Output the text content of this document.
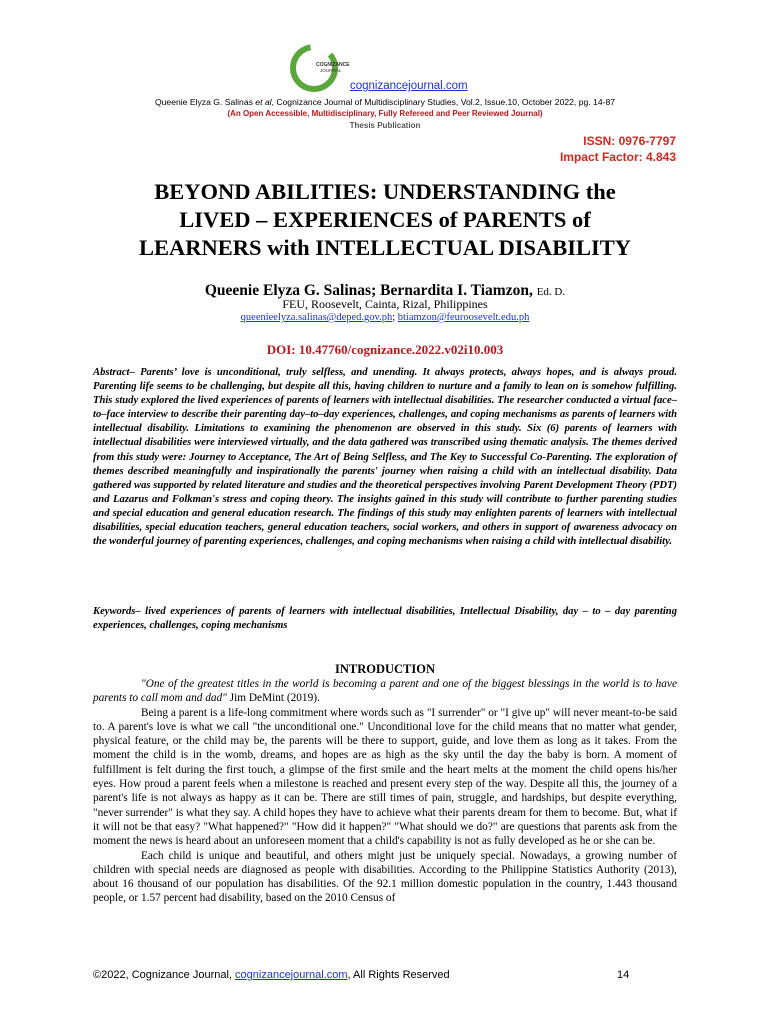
COGNIZANCE
JOURNAL
cognizancejournal.com
Queenie Elyza G. Salinas et al, Cognizance Journal of Multidisciplinary Studies, Vol.2, Issue.10, October 2022, pg. 14-87
(An Open Accessible, Multidisciplinary, Fully Refereed and Peer Reviewed Journal)
Thesis Publication
ISSN: 0976-7797
Impact Factor: 4.843
BEYOND ABILITIES: UNDERSTANDING the
LIVED – EXPERIENCES of PARENTS of
LEARNERS with INTELLECTUAL DISABILITY
Queenie Elyza G. Salinas; Bernardita I. Tiamzon, Ed. D.
FEU, Roosevelt, Cainta, Rizal, Philippines
queenieelyza.salinas@deped.gov.ph; btiamzon@feuroosevelt.edu.ph
DOI: 10.47760/cognizance.2022.v02i10.003

Abstract– Parents’ love is unconditional, truly selfless, and unending. It always protects, always hopes, and is always proud. Parenting life seems to be challenging, but despite all this, having children to nurture and a family to lean on is somehow fulfilling. This study explored the lived experiences of parents of learners with intellectual disabilities. The researcher conducted a virtual face–to–face interview to describe their parenting day–to–day experiences, challenges, and coping mechanisms as parents of learners with intellectual disability. Limitations to examining the phenomenon are observed in this study. Six (6) parents of learners with intellectual disabilities were interviewed virtually, and the data gathered was transcribed using thematic analysis. The themes derived from this study were: Journey to Acceptance, The Art of Being Selfless, and The Key to Successful Co-Parenting. The exploration of themes described meaningfully and inspirationally the parents' journey when raising a child with an intellectual disability. Data gathered was supported by related literature and studies and the theoretical perspectives involving Parent Development Theory (PDT) and Lazarus and Folkman's stress and coping theory. The insights gained in this study will contribute to further parenting studies and special education and general education research. The findings of this study may enlighten parents of learners with intellectual disabilities, special education teachers, general education teachers, social workers, and others in support of awareness advocacy on the wonderful journey of parenting experiences, challenges, and coping mechanisms when raising a child with intellectual disability.

Keywords– lived experiences of parents of learners with intellectual disabilities, Intellectual Disability, day – to – day parenting experiences, challenges, coping mechanisms

INTRODUCTION

"One of the greatest titles in the world is becoming a parent and one of the biggest blessings in the world is to have parents to call mom and dad" Jim DeMint (2019).

Being a parent is a life-long commitment where words such as "I surrender" or "I give up" will never meant-to-be said to. A parent's love is what we call "the unconditional one." Unconditional love for the child means that no matter what gender, physical feature, or the child may be, the parents will be there to support, guide, and love them as long as it takes. From the moment the child is in the womb, dreams, and hopes are as high as the sky until the day the baby is born. A moment of fulfillment is felt during the first touch, a glimpse of the first smile and the heart melts at the moment the child opens his/her eyes. How proud a parent feels when a milestone is reached and present every step of the way. Despite all this, the journey of a parent's life is not always as happy as it can be. There are still times of pain, struggle, and hardships, but despite everything, "never surrender" is what they say. A child hopes they have to achieve what their parents dream for them to become. But, what if it will not be that easy? "What happened?" "How did it happen?" "What should we do?" are questions that parents ask from the moment the news is heard about an unforeseen moment that a child's capability is not as fully developed as he or she can be.

Each child is unique and beautiful, and others might just be uniquely special. Nowadays, a growing number of children with special needs are diagnosed as people with disabilities. According to the Philippine Statistics Authority (2013), about 16 thousand of our population has disabilities. Of the 92.1 million domestic population in the country, 1.443 thousand people, or 1.57 percent had disability, based on the 2010 Census of

©2022, Cognizance Journal, cognizancejournal.com, All Rights Reserved	14
